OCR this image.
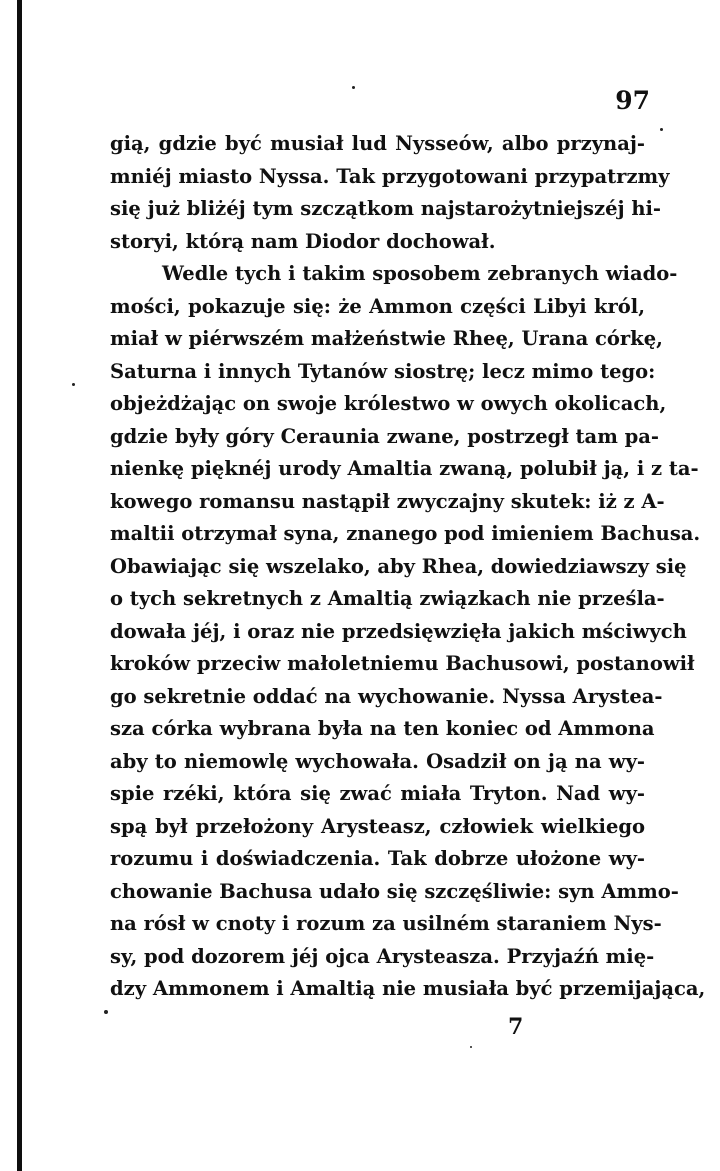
97
gią, gdzie być musiał lud Nysseów, albo przynaj-
mniéj miasto Nyssa. Tak przygotowani przypatrzmy
się już bliżéj tym szczątkom najstarożytniejszéj hi-
storyi, którą nam Diodor dochował.
Wedle tych i takim sposobem zebranych wiado-
mości, pokazuje się: że Ammon części Libyi król,
miał w piérwszém małżeństwie Rheę, Urana córkę,
Saturna i innych Tytanów siostrę; lecz mimo tego:
objeżdżając on swoje królestwo w owych okolicach,
gdzie były góry Ceraunia zwane, postrzegł tam pa-
nienkę pięknéj urody Amaltia zwaną, polubił ją, i z ta-
kowego romansu nastąpił zwyczajny skutek: iż z A-
maltii otrzymał syna, znanego pod imieniem Bachusa.
Obawiając się wszelako, aby Rhea, dowiedziawszy się
o tych sekretnych z Amaltią związkach nie prześla-
dowała jéj, i oraz nie przedsięwzięła jakich mściwych
kroków przeciw małoletniemu Bachusowi, postanowił
go sekretnie oddać na wychowanie. Nyssa Arystea-
sza córka wybrana była na ten koniec od Ammona
aby to niemowlę wychowała. Osadził on ją na wy-
spie rzéki, która się zwać miała Tryton. Nad wy-
spą był przełożony Arysteasz, człowiek wielkiego
rozumu i doświadczenia. Tak dobrze ułożone wy-
chowanie Bachusa udało się szczęśliwie: syn Ammo-
na rósł w cnoty i rozum za usilném staraniem Nys-
sy, pod dozorem jéj ojca Arysteasza. Przyjaźń mię-
dzy Ammonem i Amaltią nie musiała być przemijająca,
7
